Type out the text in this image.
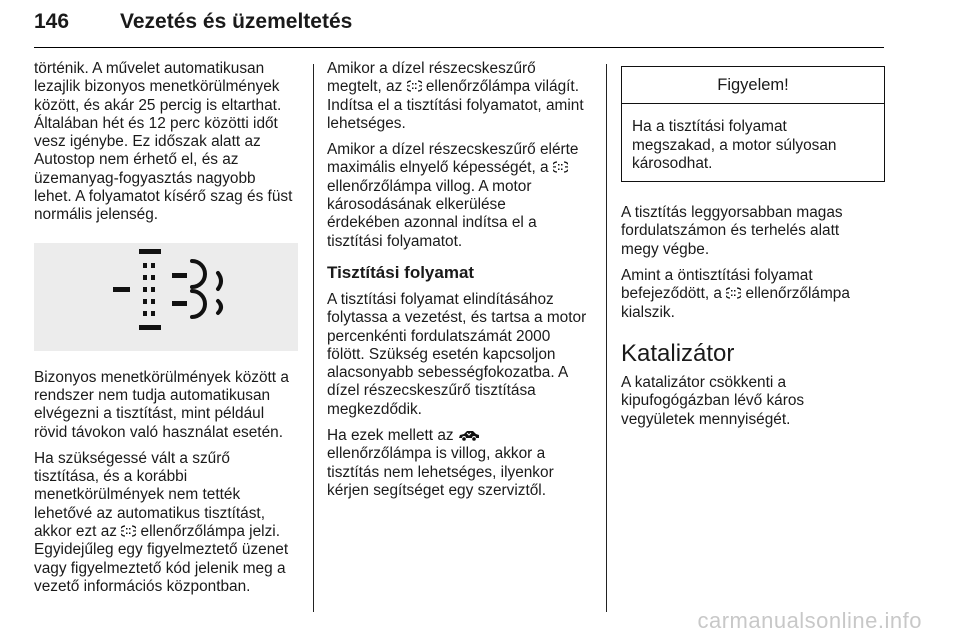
146 Vezetés és üzemeltetés

történik. A művelet automatikusan
lezajlik bizonyos menetkörülmények
között, és akár 25 percig is eltarthat.
Általában hét és 12 perc közötti időt
vesz igénybe. Ez időszak alatt az
Autostop nem érhető el, és az
üzemanyag-fogyasztás nagyobb
lehet. A folyamatot kísérő szag és füst
normális jelenség.

Bizonyos menetkörülmények között a
rendszer nem tudja automatikusan
elvégezni a tisztítást, mint például
rövid távokon való használat esetén.

Ha szükségessé vált a szűrő
tisztítása, és a korábbi
menetkörülmények nem tették
lehetővé az automatikus tisztítást,
akkor ezt az  ellenőrzőlámpa jelzi.
Egyidejűleg egy figyelmeztető üzenet
vagy figyelmeztető kód jelenik meg a
vezető információs központban.

Amikor a dízel részecskeszűrő
megtelt, az  ellenőrzőlámpa világít.
Indítsa el a tisztítási folyamatot, amint
lehetséges.

Amikor a dízel részecskeszűrő elérte
maximális elnyelő képességét, a
ellenőrzőlámpa villog. A motor
károsodásának elkerülése
érdekében azonnal indítsa el a
tisztítási folyamatot.

Tisztítási folyamat

A tisztítási folyamat elindításához
folytassa a vezetést, és tartsa a motor
percenkénti fordulatszámát 2000
fölött. Szükség esetén kapcsoljon
alacsonyabb sebességfokozatba. A
dízel részecskeszűrő tisztítása
megkezdődik.

Ha ezek mellett az
ellenőrzőlámpa is villog, akkor a
tisztítás nem lehetséges, ilyenkor
kérjen segítséget egy szerviztől.

Figyelem!
Ha a tisztítási folyamat
megszakad, a motor súlyosan
károsodhat.

A tisztítás leggyorsabban magas
fordulatszámon és terhelés alatt
megy végbe.

Amint a öntisztítási folyamat
befejeződött, a  ellenőrzőlámpa
kialszik.

Katalizátor

A katalizátor csökkenti a
kipufogógázban lévő káros
vegyületek mennyiségét.

carmanualsonline.info
